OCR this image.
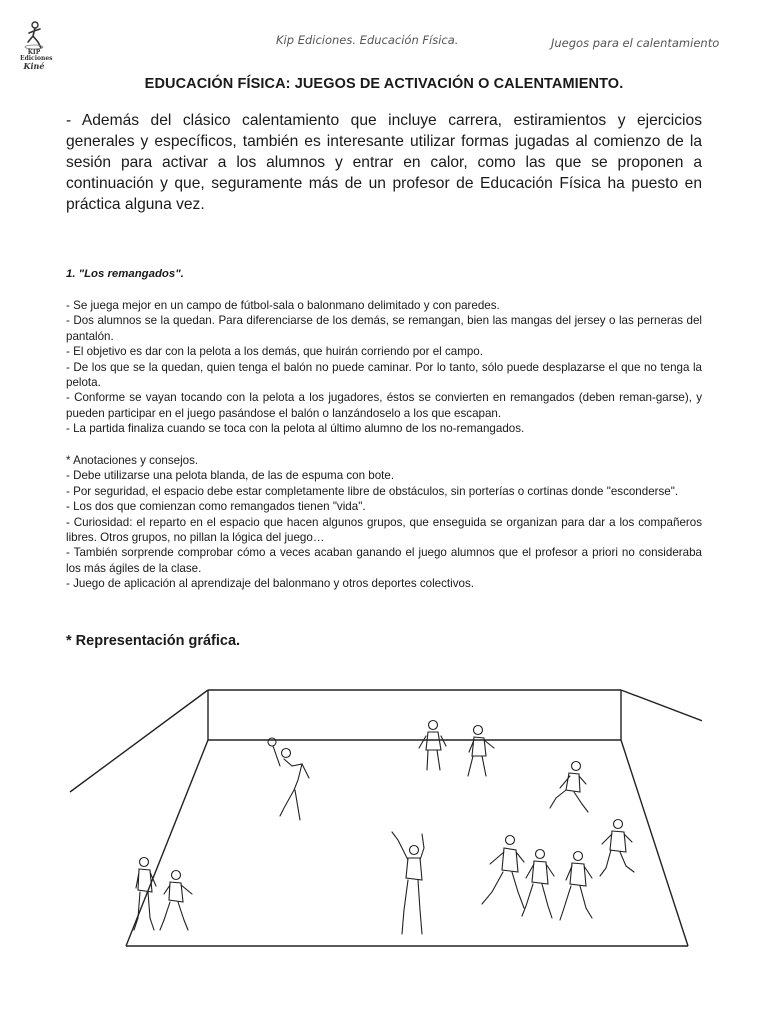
KIP
Ediciones
Kiné
Kip Ediciones. Educación Física.	Juegos para el calentamiento
EDUCACIÓN FÍSICA: JUEGOS DE ACTIVACIÓN O CALENTAMIENTO.
- Además del clásico calentamiento que incluye carrera, estiramientos y ejercicios generales y específicos, también es interesante utilizar formas jugadas al comienzo de la sesión para activar a los alumnos y entrar en calor, como las que se proponen a continuación y que, seguramente más de un profesor de Educación Física ha puesto en práctica alguna vez.
1. "Los remangados".

- Se juega mejor en un campo de fútbol-sala o balonmano delimitado y con paredes.

- Dos alumnos se la quedan. Para diferenciarse de los demás, se remangan, bien las mangas del jersey o las perneras del pantalón.

- El objetivo es dar con la pelota a los demás, que huirán corriendo por el campo.

- De los que se la quedan, quien tenga el balón no puede caminar. Por lo tanto, sólo puede desplazarse el que no tenga la pelota.

- Conforme se vayan tocando con la pelota a los jugadores, éstos se convierten en remangados (deben reman-garse), y pueden participar en el juego pasándose el balón o lanzándoselo a los que escapan.

- La partida finaliza cuando se toca con la pelota al último alumno de los no-remangados.

* Anotaciones y consejos.

- Debe utilizarse una pelota blanda, de las de espuma con bote.

- Por seguridad, el espacio debe estar completamente libre de obstáculos, sin porterías o cortinas donde "esconderse".

- Los dos que comienzan como remangados tienen "vida".

- Curiosidad: el reparto en el espacio que hacen algunos grupos, que enseguida se organizan para dar a los compañeros libres. Otros grupos, no pillan la lógica del juego…

- También sorprende comprobar cómo a veces acaban ganando el juego alumnos que el profesor a priori no consideraba los más ágiles de la clase.

- Juego de aplicación al aprendizaje del balonmano y otros deportes colectivos.

* Representación gráfica.
